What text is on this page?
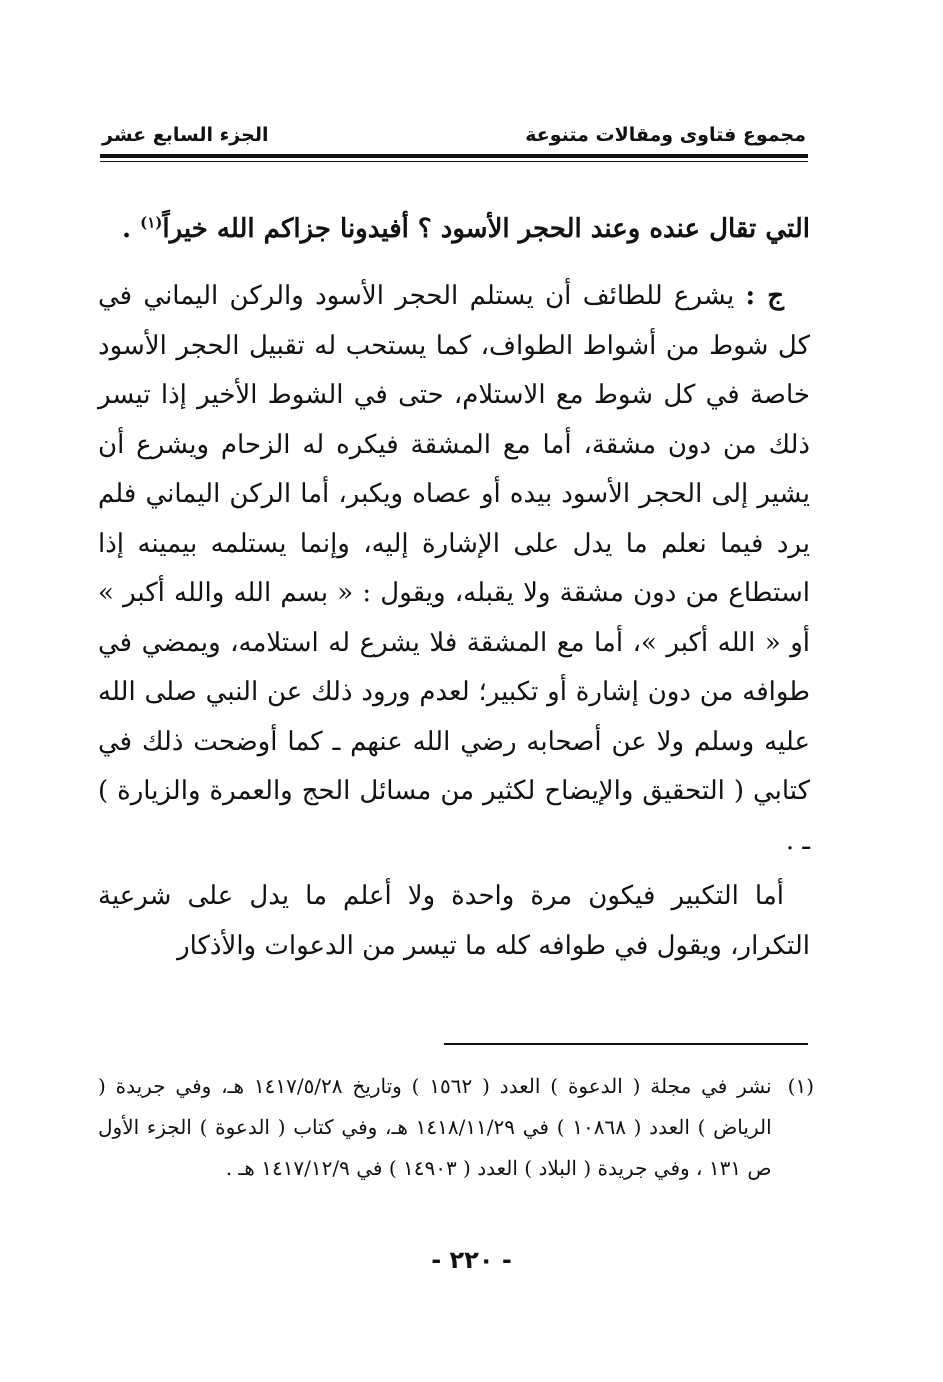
مجموع فتاوى ومقالات متنوعة
الجزء السابع عشر

التي تقال عنده وعند الحجر الأسود ؟ أفيدونا جزاكم الله خيراً$^{(١)}$ .

ج : يشرع للطائف أن يستلم الحجر الأسود والركن اليماني في كل شوط من أشواط الطواف، كما يستحب له تقبيل الحجر الأسود خاصة في كل شوط مع الاستلام، حتى في الشوط الأخير إذا تيسر ذلك من دون مشقة، أما مع المشقة فيكره له الزحام ويشرع أن يشير إلى الحجر الأسود بيده أو عصاه ويكبر، أما الركن اليماني فلم يرد فيما نعلم ما يدل على الإشارة إليه، وإنما يستلمه بيمينه إذا استطاع من دون مشقة ولا يقبله، ويقول : « بسم الله والله أكبر » أو « الله أكبر »، أما مع المشقة فلا يشرع له استلامه، ويمضي في طوافه من دون إشارة أو تكبير؛ لعدم ورود ذلك عن النبي صلى الله عليه وسلم ولا عن أصحابه رضي الله عنهم ـ كما أوضحت ذلك في كتابي ( التحقيق والإيضاح لكثير من مسائل الحج والعمرة والزيارة ) ـ .

أما التكبير فيكون مرة واحدة ولا أعلم ما يدل على شرعية التكرار، ويقول في طوافه كله ما تيسر من الدعوات والأذكار

(١)
نشر في مجلة ( الدعوة ) العدد ( ١٥٦٢ ) وتاريخ ١٤١٧/٥/٢٨ هـ، وفي جريدة ( الرياض ) العدد ( ١٠٨٦٨ ) في ١٤١٨/١١/٢٩ هـ، وفي كتاب ( الدعوة ) الجزء الأول ص ١٣١ ، وفي جريدة ( البلاد ) العدد ( ١٤٩٠٣ ) في ١٤١٧/١٢/٩ هـ .
- ٢٢٠ -
